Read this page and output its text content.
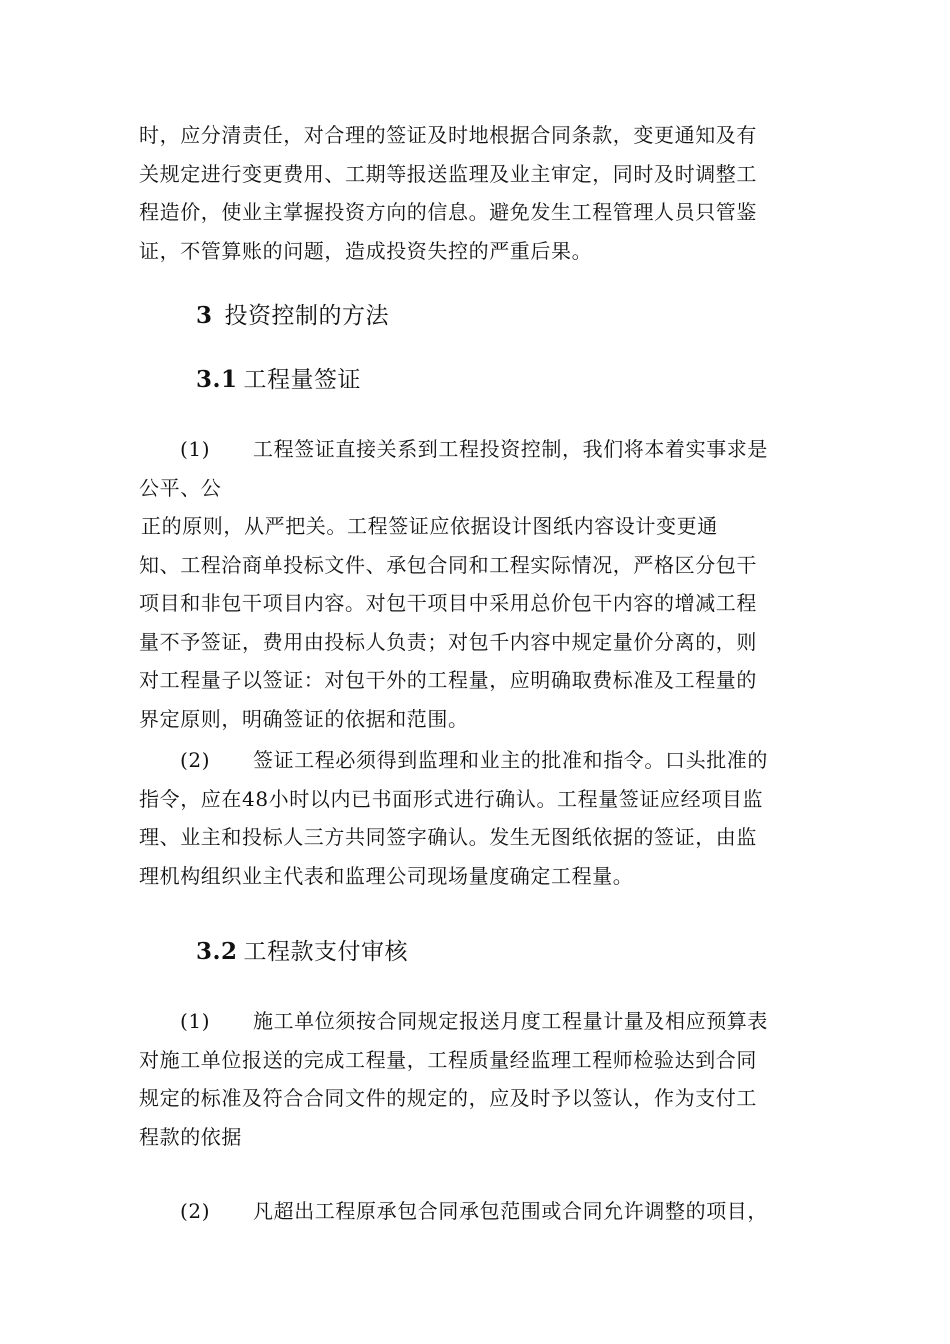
时，应分清责任，对合理的签证及时地根据合同条款，变更通知及有
关规定进行变更费用、工期等报送监理及业主审定，同时及时调整工
程造价，使业主掌握投资方向的信息。避免发生工程管理人员只管鉴
证，不管算账的问题，造成投资失控的严重后果。
3 投资控制的方法
3.1 工程量签证
(1) 工程签证直接关系到工程投资控制，我们将本着实事求是
公平、公
正的原则，从严把关。工程签证应依据设计图纸内容设计变更通
知、工程洽商单投标文件、承包合同和工程实际情况，严格区分包干
项目和非包干项目内容。对包干项目中采用总价包干内容的增减工程
量不予签证，费用由投标人负责；对包千内容中规定量价分离的，则
对工程量子以签证：对包干外的工程量，应明确取费标准及工程量的
界定原则，明确签证的依据和范围。
(2) 签证工程必须得到监理和业主的批准和指令。口头批准的
指令，应在48小时以内已书面形式进行确认。工程量签证应经项目监
理、业主和投标人三方共同签字确认。发生无图纸依据的签证，由监
理机构组织业主代表和监理公司现场量度确定工程量。
3.2 工程款支付审核
(1) 施工单位须按合同规定报送月度工程量计量及相应预算表
对施工单位报送的完成工程量，工程质量经监理工程师检验达到合同
规定的标准及符合合同文件的规定的，应及时予以签认，作为支付工
程款的依据
(2) 凡超出工程原承包合同承包范围或合同允许调整的项目，
